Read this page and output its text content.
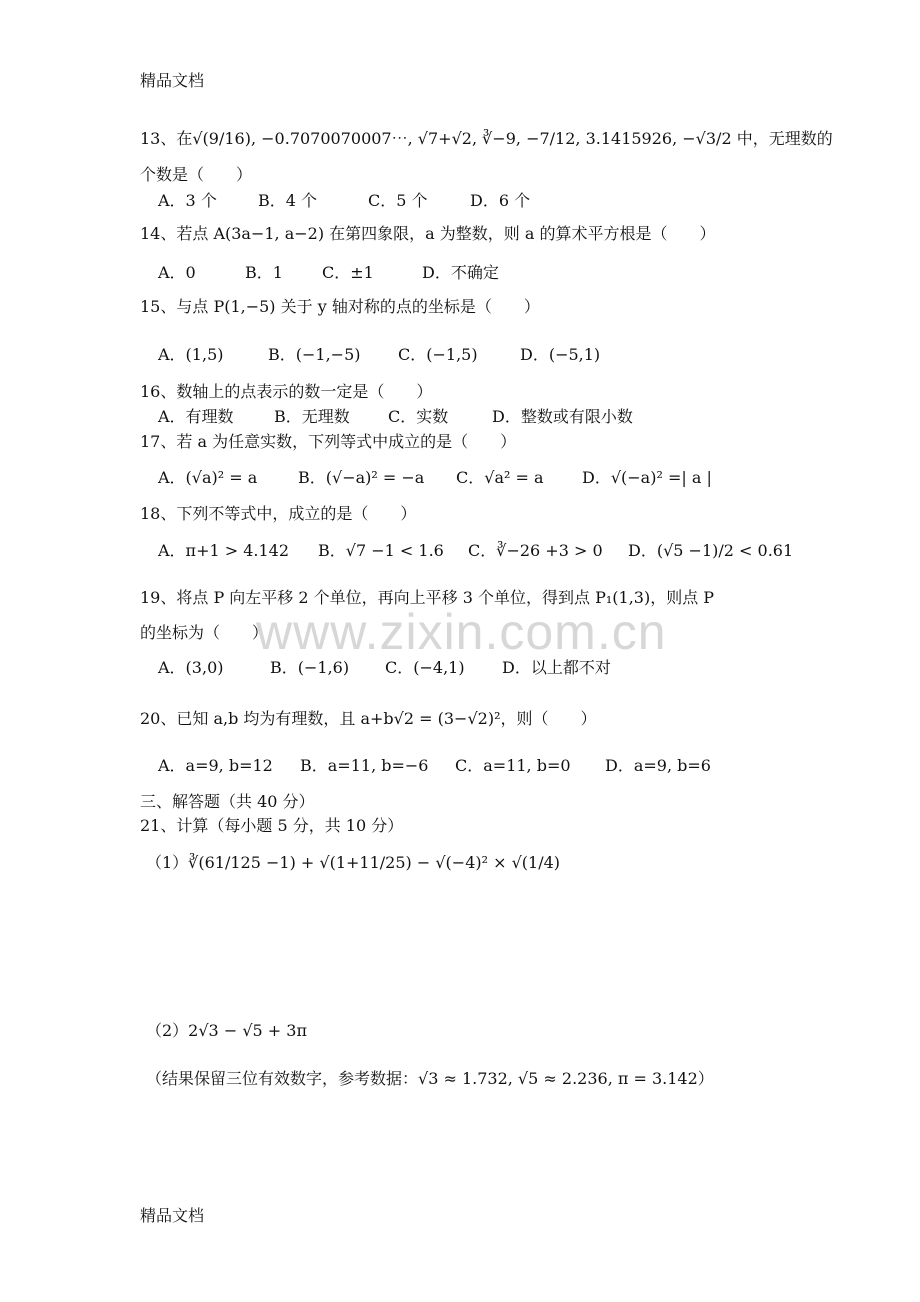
精品文档
13、在√(9/16), −0.7070070007⋯, √7+√2, ∛−9, −7/12, 3.1415926, −√3/2 中，无理数的
个数是（　　）
A．3 个	B．4 个	C．5 个	D．6 个
14、若点 A(3a−1, a−2) 在第四象限，a 为整数，则 a 的算术平方根是（　　）
A．0	B．1 C．±1	D．不确定
15、与点 P(1,−5) 关于 y 轴对称的点的坐标是（　　）
A．(1,5)	B．(−1,−5) C．(−1,5)	D．(−5,1)
16、数轴上的点表示的数一定是（　　）
A．有理数	B．无理数 C．实数	D．整数或有限小数
17、若 a 为任意实数，下列等式中成立的是（　　）
A．(√a)² = a	B．(√−a)² = −a C．√a² = a D．√(−a)² =| a |
18、下列不等式中，成立的是（　　）
A．π+1 > 4.142 B．√7 −1 < 1.6 C．∛−26 +3 > 0 D．(√5 −1)/2 < 0.61
19、将点 P 向左平移 2 个单位，再向上平移 3 个单位，得到点 P₁(1,3)，则点 P
的坐标为（　　）
A．(3,0)	B．(−1,6) C．(−4,1) D．以上都不对
20、已知 a,b 均为有理数，且 a+b√2 = (3−√2)²，则（　　）
A．a=9, b=12 B．a=11, b=−6 C．a=11, b=0 D．a=9, b=6
三、解答题（共 40 分）
21、计算（每小题 5 分，共 10 分）
（1）∛(61/125 −1) + √(1+11/25) − √(−4)² × √(1/4)
（2）2√3 − √5 + 3π
（结果保留三位有效数字，参考数据：√3 ≈ 1.732, √5 ≈ 2.236, π = 3.142）
精品文档
www.zixin.com.cn
